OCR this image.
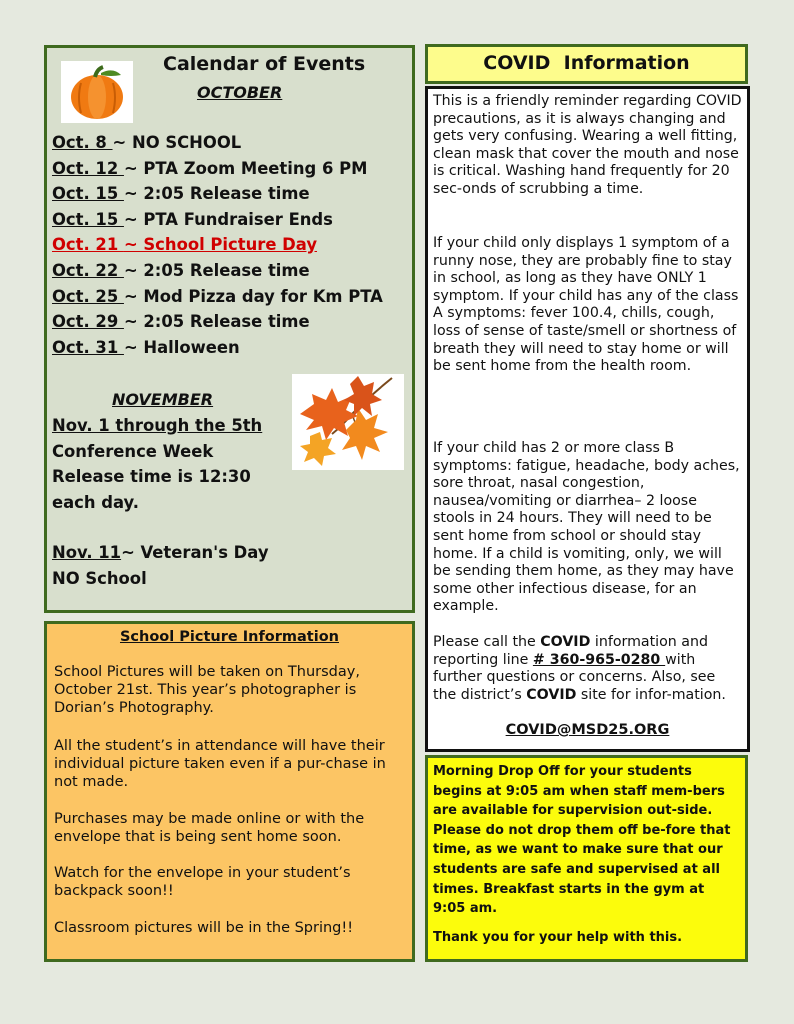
Calendar of Events
OCTOBER
Oct. 8 ~ NO SCHOOL
Oct. 12 ~ PTA Zoom Meeting 6 PM
Oct. 15 ~ 2:05 Release time
Oct. 15 ~ PTA Fundraiser Ends
Oct. 21 ~ School Picture Day
Oct. 22 ~ 2:05 Release time
Oct. 25 ~ Mod Pizza day for Km PTA
Oct. 29 ~ 2:05 Release time
Oct. 31 ~ Halloween
NOVEMBER
Nov. 1 through the 5th
Conference Week
Release time is 12:30
each day.
Nov. 11~ Veteran's Day
NO School
COVID  Information

This is a friendly reminder regarding COVID precautions, as it is always changing and gets very confusing. Wearing a well fitting, clean mask that cover the mouth and nose is critical. Washing hand frequently for 20 sec-onds of scrubbing a time.

If your child only displays 1 symptom of a runny nose, they are probably fine to stay in school, as long as they have ONLY 1 symptom. If your child has any of the class A symptoms: fever 100.4, chills, cough, loss of sense of taste/smell or shortness of breath they will need to stay home or will be sent home from the health room.

If your child has 2 or more class B symptoms: fatigue, headache, body aches, sore throat, nasal congestion, nausea/vomiting or diarrhea– 2 loose stools in 24 hours. They will need to be sent home from school or should stay home. If a child is vomiting, only, we will be sending them home, as they may have some other infectious disease, for an example.

Please call the COVID information and reporting line # 360-965-0280 with further questions or concerns. Also, see the district’s COVID site for infor-mation.

COVID@MSD25.ORG
School Picture Information

School Pictures will be taken on Thursday, October 21st. This year’s photographer is Dorian’s Photography.

All the student’s in attendance will have their individual picture taken even if a pur-chase in not made.

Purchases may be made online or with the envelope that is being sent home soon.

Watch for the envelope in your student’s backpack soon!!

Classroom pictures will be in the Spring!!

Morning Drop Off for your students begins at 9:05 am when staff mem-bers are available for supervision out-side. Please do not drop them off be-fore that time, as we want to make sure that our students are safe and supervised at all times. Breakfast starts in the gym at 9:05 am.

Thank you for your help with this.
